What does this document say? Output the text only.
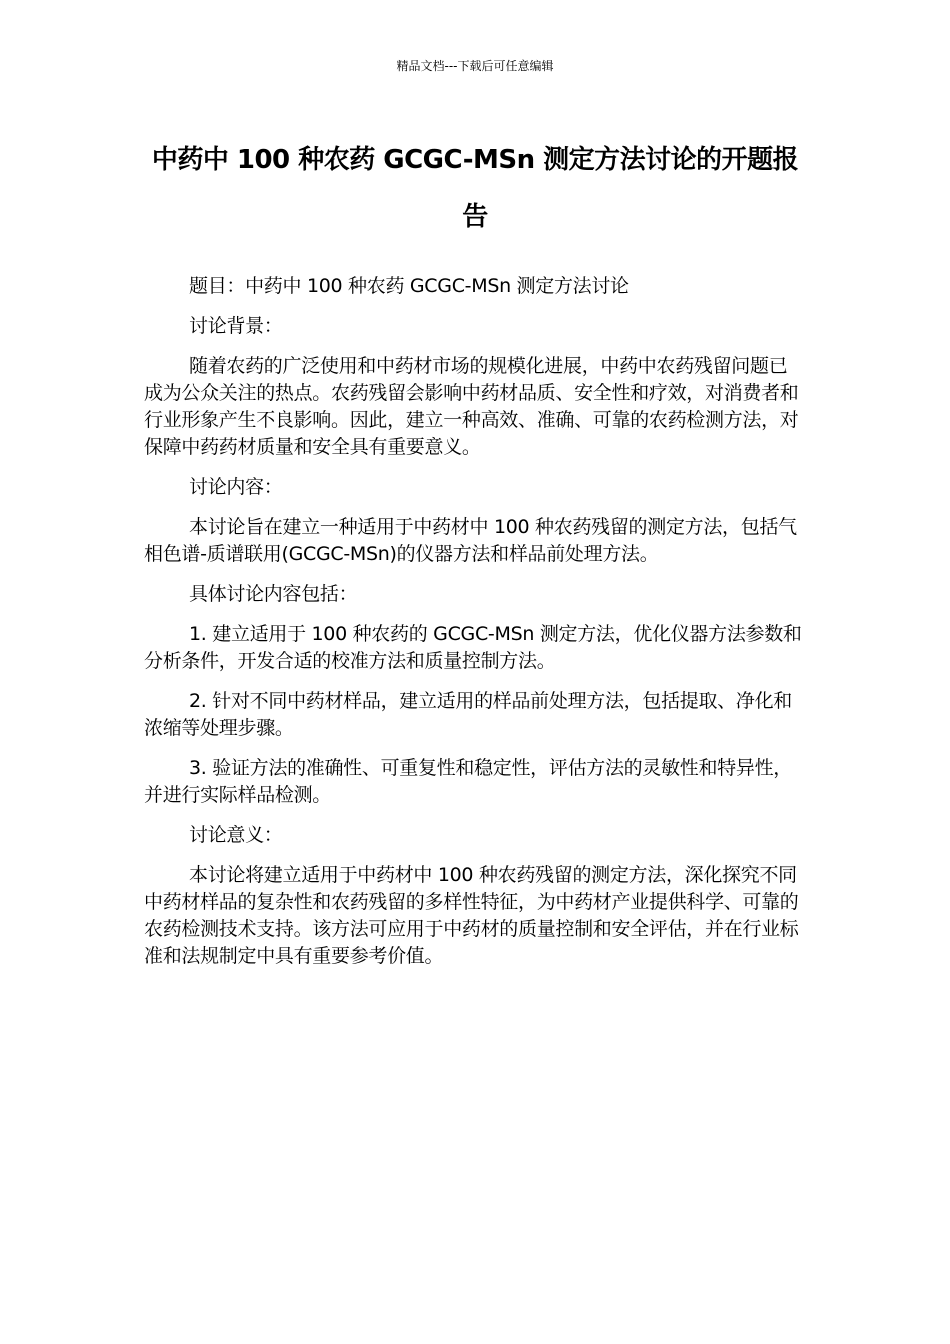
精品文档---下载后可任意编辑
中药中 100 种农药 GCGC-MSn 测定方法讨论的开题报告

题目：中药中 100 种农药 GCGC-MSn 测定方法讨论

讨论背景：

随着农药的广泛使用和中药材市场的规模化进展，中药中农药残留问题已成为公众关注的热点。农药残留会影响中药材品质、安全性和疗效，对消费者和行业形象产生不良影响。因此，建立一种高效、准确、可靠的农药检测方法，对保障中药药材质量和安全具有重要意义。

讨论内容：

本讨论旨在建立一种适用于中药材中 100 种农药残留的测定方法，包括气相色谱-质谱联用(GCGC-MSn)的仪器方法和样品前处理方法。

具体讨论内容包括：

1. 建立适用于 100 种农药的 GCGC-MSn 测定方法，优化仪器方法参数和分析条件，开发合适的校准方法和质量控制方法。

2. 针对不同中药材样品，建立适用的样品前处理方法，包括提取、净化和浓缩等处理步骤。

3. 验证方法的准确性、可重复性和稳定性，评估方法的灵敏性和特异性，并进行实际样品检测。

讨论意义：

本讨论将建立适用于中药材中 100 种农药残留的测定方法，深化探究不同中药材样品的复杂性和农药残留的多样性特征，为中药材产业提供科学、可靠的农药检测技术支持。该方法可应用于中药材的质量控制和安全评估，并在行业标准和法规制定中具有重要参考价值。
